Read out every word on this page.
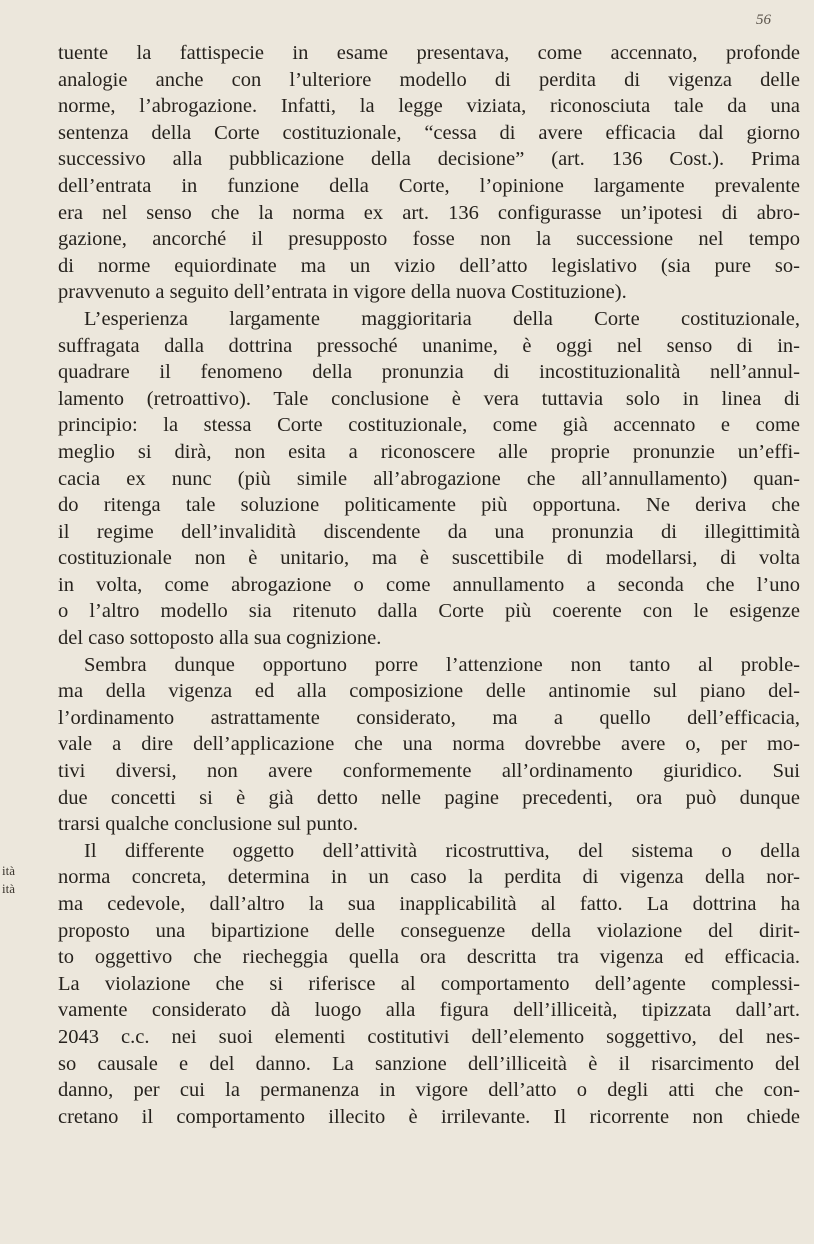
56
ità
ità
tuente la fattispecie in esame presentava, come accennato, profonde
analogie anche con l’ulteriore modello di perdita di vigenza delle
norme, l’abrogazione. Infatti, la legge viziata, riconosciuta tale da una
sentenza della Corte costituzionale, “cessa di avere efficacia dal giorno
successivo alla pubblicazione della decisione” (art. 136 Cost.). Prima
dell’entrata in funzione della Corte, l’opinione largamente prevalente
era nel senso che la norma ex art. 136 configurasse un’ipotesi di abro-
gazione, ancorché il presupposto fosse non la successione nel tempo
di norme equiordinate ma un vizio dell’atto legislativo (sia pure so-
pravvenuto a seguito dell’entrata in vigore della nuova Costituzione).
L’esperienza largamente maggioritaria della Corte costituzionale,
suffragata dalla dottrina pressoché unanime, è oggi nel senso di in-
quadrare il fenomeno della pronunzia di incostituzionalità nell’annul-
lamento (retroattivo). Tale conclusione è vera tuttavia solo in linea di
principio: la stessa Corte costituzionale, come già accennato e come
meglio si dirà, non esita a riconoscere alle proprie pronunzie un’effi-
cacia ex nunc (più simile all’abrogazione che all’annullamento) quan-
do ritenga tale soluzione politicamente più opportuna. Ne deriva che
il regime dell’invalidità discendente da una pronunzia di illegittimità
costituzionale non è unitario, ma è suscettibile di modellarsi, di volta
in volta, come abrogazione o come annullamento a seconda che l’uno
o l’altro modello sia ritenuto dalla Corte più coerente con le esigenze
del caso sottoposto alla sua cognizione.
Sembra dunque opportuno porre l’attenzione non tanto al proble-
ma della vigenza ed alla composizione delle antinomie sul piano del-
l’ordinamento astrattamente considerato, ma a quello dell’efficacia,
vale a dire dell’applicazione che una norma dovrebbe avere o, per mo-
tivi diversi, non avere conformemente all’ordinamento giuridico. Sui
due concetti si è già detto nelle pagine precedenti, ora può dunque
trarsi qualche conclusione sul punto.
Il differente oggetto dell’attività ricostruttiva, del sistema o della
norma concreta, determina in un caso la perdita di vigenza della nor-
ma cedevole, dall’altro la sua inapplicabilità al fatto. La dottrina ha
proposto una bipartizione delle conseguenze della violazione del dirit-
to oggettivo che riecheggia quella ora descritta tra vigenza ed efficacia.
La violazione che si riferisce al comportamento dell’agente complessi-
vamente considerato dà luogo alla figura dell’illiceità, tipizzata dall’art.
2043 c.c. nei suoi elementi costitutivi dell’elemento soggettivo, del nes-
so causale e del danno. La sanzione dell’illiceità è il risarcimento del
danno, per cui la permanenza in vigore dell’atto o degli atti che con-
cretano il comportamento illecito è irrilevante. Il ricorrente non chiede
